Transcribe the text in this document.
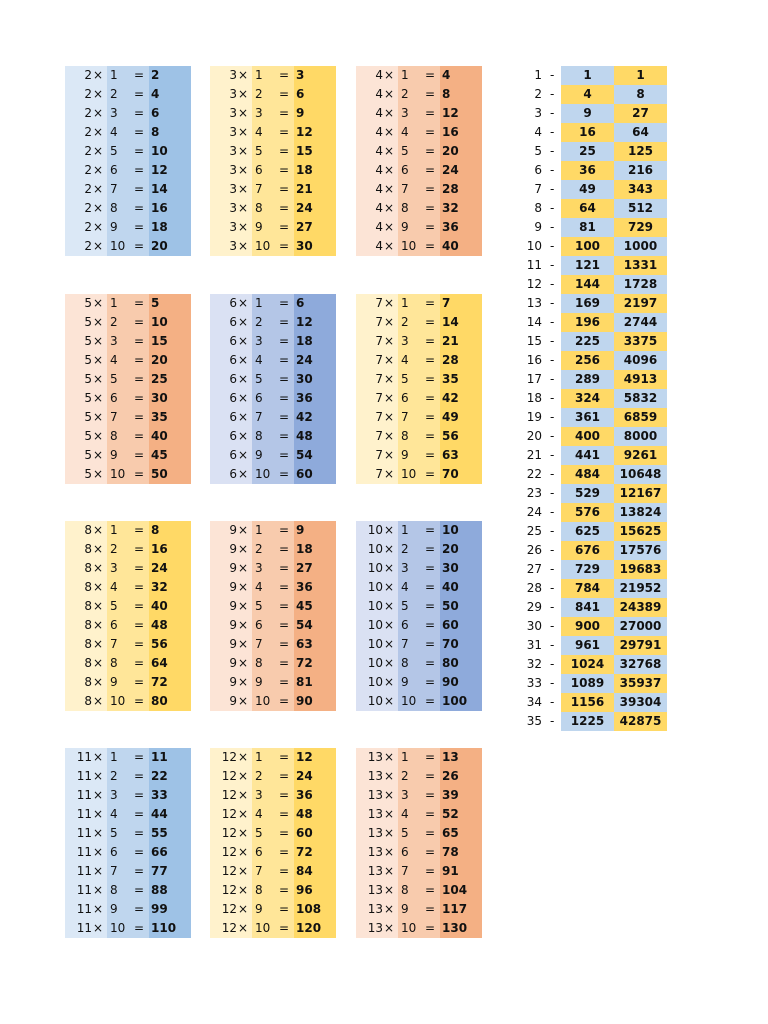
2 × 1 = 2
2 × 2 = 4
2 × 3 = 6
2 × 4 = 8
2 × 5 = 10
2 × 6 = 12
2 × 7 = 14
2 × 8 = 16
2 × 9 = 18
2 × 10 = 20
3 × 1 = 3
3 × 2 = 6
3 × 3 = 9
3 × 4 = 12
3 × 5 = 15
3 × 6 = 18
3 × 7 = 21
3 × 8 = 24
3 × 9 = 27
3 × 10 = 30
4 × 1 = 4
4 × 2 = 8
4 × 3 = 12
4 × 4 = 16
4 × 5 = 20
4 × 6 = 24
4 × 7 = 28
4 × 8 = 32
4 × 9 = 36
4 × 10 = 40
5 × 1 = 5
5 × 2 = 10
5 × 3 = 15
5 × 4 = 20
5 × 5 = 25
5 × 6 = 30
5 × 7 = 35
5 × 8 = 40
5 × 9 = 45
5 × 10 = 50
6 × 1 = 6
6 × 2 = 12
6 × 3 = 18
6 × 4 = 24
6 × 5 = 30
6 × 6 = 36
6 × 7 = 42
6 × 8 = 48
6 × 9 = 54
6 × 10 = 60
7 × 1 = 7
7 × 2 = 14
7 × 3 = 21
7 × 4 = 28
7 × 5 = 35
7 × 6 = 42
7 × 7 = 49
7 × 8 = 56
7 × 9 = 63
7 × 10 = 70
8 × 1 = 8
8 × 2 = 16
8 × 3 = 24
8 × 4 = 32
8 × 5 = 40
8 × 6 = 48
8 × 7 = 56
8 × 8 = 64
8 × 9 = 72
8 × 10 = 80
9 × 1 = 9
9 × 2 = 18
9 × 3 = 27
9 × 4 = 36
9 × 5 = 45
9 × 6 = 54
9 × 7 = 63
9 × 8 = 72
9 × 9 = 81
9 × 10 = 90
10 × 1 = 10
10 × 2 = 20
10 × 3 = 30
10 × 4 = 40
10 × 5 = 50
10 × 6 = 60
10 × 7 = 70
10 × 8 = 80
10 × 9 = 90
10 × 10 = 100
11 × 1 = 11
11 × 2 = 22
11 × 3 = 33
11 × 4 = 44
11 × 5 = 55
11 × 6 = 66
11 × 7 = 77
11 × 8 = 88
11 × 9 = 99
11 × 10 = 110
12 × 1 = 12
12 × 2 = 24
12 × 3 = 36
12 × 4 = 48
12 × 5 = 60
12 × 6 = 72
12 × 7 = 84
12 × 8 = 96
12 × 9 = 108
12 × 10 = 120
13 × 1 = 13
13 × 2 = 26
13 × 3 = 39
13 × 4 = 52
13 × 5 = 65
13 × 6 = 78
13 × 7 = 91
13 × 8 = 104
13 × 9 = 117
13 × 10 = 130
1 -	1	1
2 -	4	8
3 -	9	27
4 -	16	64
5 -	25	125
6 -	36	216
7 -	49	343
8 -	64	512
9 -	81	729
10 -	100	1000
11 -	121	1331
12 -	144	1728
13 -	169	2197
14 -	196	2744
15 -	225	3375
16 -	256	4096
17 -	289	4913
18 -	324	5832
19 -	361	6859
20 -	400	8000
21 -	441	9261
22 -	484	10648
23 -	529	12167
24 -	576	13824
25 -	625	15625
26 -	676	17576
27 -	729	19683
28 -	784	21952
29 -	841	24389
30 -	900	27000
31 -	961	29791
32 -	1024	32768
33 -	1089	35937
34 -	1156	39304
35 -	1225	42875
